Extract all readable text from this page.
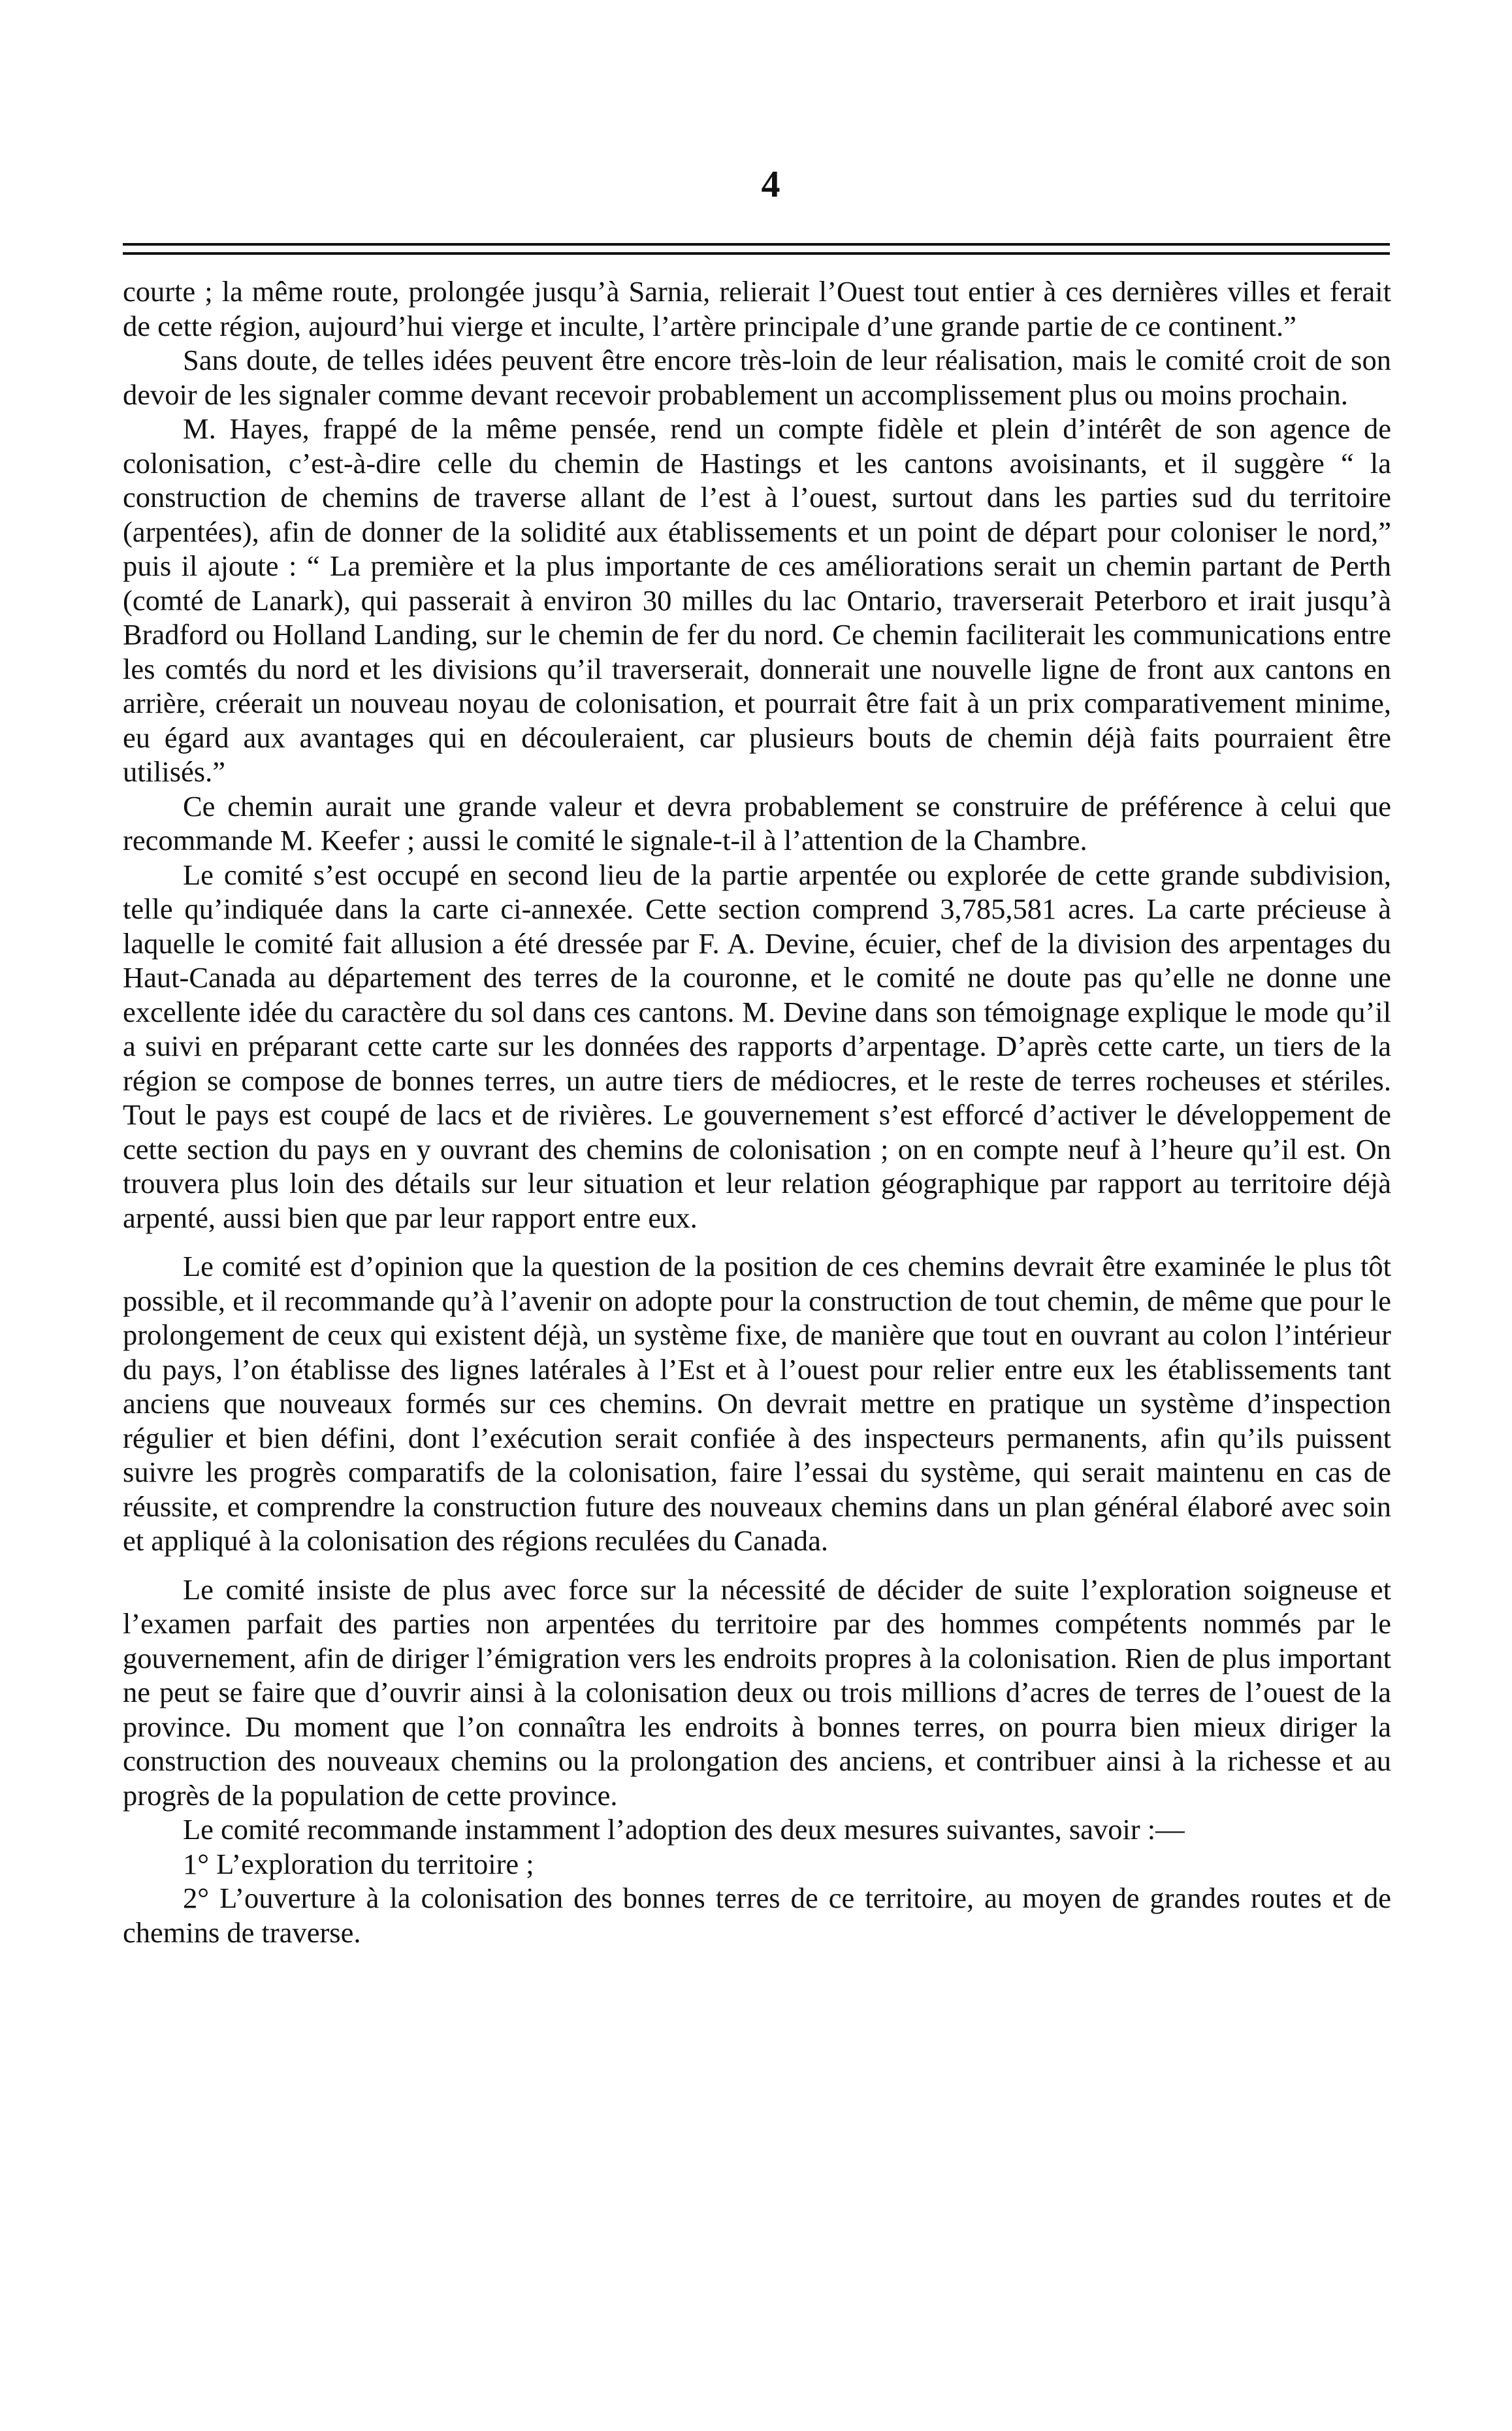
4

courte ; la même route, prolongée jusqu’à Sarnia, relierait l’Ouest tout entier à ces dernières villes et ferait de cette région, aujourd’hui vierge et inculte, l’artère principale d’une grande partie de ce continent.”

Sans doute, de telles idées peuvent être encore très-loin de leur réalisation, mais le comité croit de son devoir de les signaler comme devant recevoir probablement un accomplissement plus ou moins prochain.

M. Hayes, frappé de la même pensée, rend un compte fidèle et plein d’intérêt de son agence de colonisation, c’est-à-dire celle du chemin de Hastings et les cantons avoisinants, et il suggère “ la construction de chemins de traverse allant de l’est à l’ouest, surtout dans les parties sud du territoire (arpentées), afin de donner de la solidité aux établissements et un point de départ pour coloniser le nord,” puis il ajoute : “ La première et la plus importante de ces améliorations serait un chemin partant de Perth (comté de Lanark), qui passerait à environ 30 milles du lac Ontario, traverserait Peterboro et irait jusqu’à Bradford ou Holland Landing, sur le chemin de fer du nord. Ce chemin faciliterait les communications entre les comtés du nord et les divisions qu’il traverserait, donnerait une nouvelle ligne de front aux cantons en arrière, créerait un nouveau noyau de colonisation, et pourrait être fait à un prix comparativement minime, eu égard aux avantages qui en découleraient, car plusieurs bouts de chemin déjà faits pourraient être utilisés.”

Ce chemin aurait une grande valeur et devra probablement se construire de préférence à celui que recommande M. Keefer ; aussi le comité le signale-t-il à l’attention de la Chambre.

Le comité s’est occupé en second lieu de la partie arpentée ou explorée de cette grande subdivision, telle qu’indiquée dans la carte ci-annexée. Cette section comprend 3,785,581 acres. La carte précieuse à laquelle le comité fait allusion a été dressée par F. A. Devine, écuier, chef de la division des arpentages du Haut-Canada au département des terres de la couronne, et le comité ne doute pas qu’elle ne donne une excellente idée du caractère du sol dans ces cantons. M. Devine dans son témoignage explique le mode qu’il a suivi en préparant cette carte sur les données des rapports d’arpentage. D’après cette carte, un tiers de la région se compose de bonnes terres, un autre tiers de médiocres, et le reste de terres rocheuses et stériles. Tout le pays est coupé de lacs et de rivières. Le gouvernement s’est efforcé d’activer le développement de cette section du pays en y ouvrant des chemins de colonisation ; on en compte neuf à l’heure qu’il est. On trouvera plus loin des détails sur leur situation et leur relation géographique par rapport au territoire déjà arpenté, aussi bien que par leur rapport entre eux.

Le comité est d’opinion que la question de la position de ces chemins devrait être examinée le plus tôt possible, et il recommande qu’à l’avenir on adopte pour la construction de tout chemin, de même que pour le prolongement de ceux qui existent déjà, un système fixe, de manière que tout en ouvrant au colon l’intérieur du pays, l’on établisse des lignes latérales à l’Est et à l’ouest pour relier entre eux les établissements tant anciens que nouveaux formés sur ces chemins. On devrait mettre en pratique un système d’inspection régulier et bien défini, dont l’exécution serait confiée à des inspecteurs permanents, afin qu’ils puissent suivre les progrès comparatifs de la colonisation, faire l’essai du système, qui serait maintenu en cas de réussite, et comprendre la construction future des nouveaux chemins dans un plan général élaboré avec soin et appliqué à la colonisation des régions reculées du Canada.

Le comité insiste de plus avec force sur la nécessité de décider de suite l’exploration soigneuse et l’examen parfait des parties non arpentées du territoire par des hommes compétents nommés par le gouvernement, afin de diriger l’émigration vers les endroits propres à la colonisation. Rien de plus important ne peut se faire que d’ouvrir ainsi à la colonisation deux ou trois millions d’acres de terres de l’ouest de la province. Du moment que l’on connaîtra les endroits à bonnes terres, on pourra bien mieux diriger la construction des nouveaux chemins ou la prolongation des anciens, et contribuer ainsi à la richesse et au progrès de la population de cette province.

Le comité recommande instamment l’adoption des deux mesures suivantes, savoir :—

1° L’exploration du territoire ;

2° L’ouverture à la colonisation des bonnes terres de ce territoire, au moyen de grandes routes et de chemins de traverse.
